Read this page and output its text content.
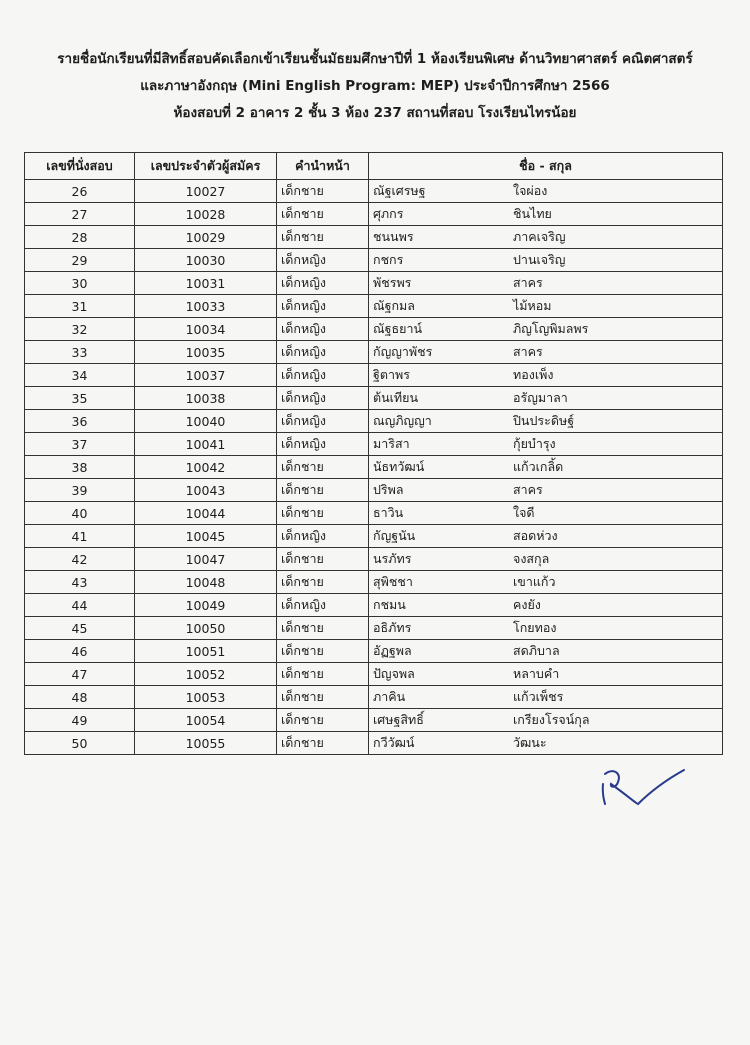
รายชื่อนักเรียนที่มีสิทธิ์สอบคัดเลือกเข้าเรียนชั้นมัธยมศึกษาปีที่ 1 ห้องเรียนพิเศษ ด้านวิทยาศาสตร์ คณิตศาสตร์
และภาษาอังกฤษ (Mini English Program: MEP) ประจำปีการศึกษา 2566
ห้องสอบที่ 2 อาคาร 2 ชั้น 3 ห้อง 237 สถานที่สอบ โรงเรียนไทรน้อย
เลขที่นั่งสอบ	เลขประจำตัวผู้สมัคร	คำนำหน้า	ชื่อ - สกุล
26	10027	เด็กชาย	ณัฐเศรษฐ ใจผ่อง
27	10028	เด็กชาย	ศุภกร ชินไทย
28	10029	เด็กชาย	ชนนพร ภาคเจริญ
29	10030	เด็กหญิง	กชกร ปานเจริญ
30	10031	เด็กหญิง	พัชรพร สาคร
31	10033	เด็กหญิง	ณัฐกมล ไม้หอม
32	10034	เด็กหญิง	ณัฐธยาน์ ภิญโญพิมลพร
33	10035	เด็กหญิง	กัญญาพัชร สาคร
34	10037	เด็กหญิง	ฐิตาพร ทองเพ็ง
35	10038	เด็กหญิง	ต้นเทียน อรัญมาลา
36	10040	เด็กหญิง	ณญภิญญา ปินประดิษฐ์
37	10041	เด็กหญิง	มาริสา กุ้ยบำรุง
38	10042	เด็กชาย	นัธทวัฒน์ แก้วเกลิ้ด
39	10043	เด็กชาย	ปริพล สาคร
40	10044	เด็กชาย	ธาวิน ใจดี
41	10045	เด็กหญิง	กัญฐนัน สอดห่วง
42	10047	เด็กชาย	นรภัทร จงสกุล
43	10048	เด็กชาย	สุพิชชา เขาแก้ว
44	10049	เด็กหญิง	กชมน คงยัง
45	10050	เด็กชาย	อธิภัทร โกยทอง
46	10051	เด็กชาย	อัฏฐพล สดภิบาล
47	10052	เด็กชาย	ปัญจพล หลาบคำ
48	10053	เด็กชาย	ภาคิน แก้วเพ็ชร
49	10054	เด็กชาย	เศษฐสิทธิ์ เกรียงโรจน์กุล
50	10055	เด็กชาย	กวีวัฒน์ วัฒนะ
